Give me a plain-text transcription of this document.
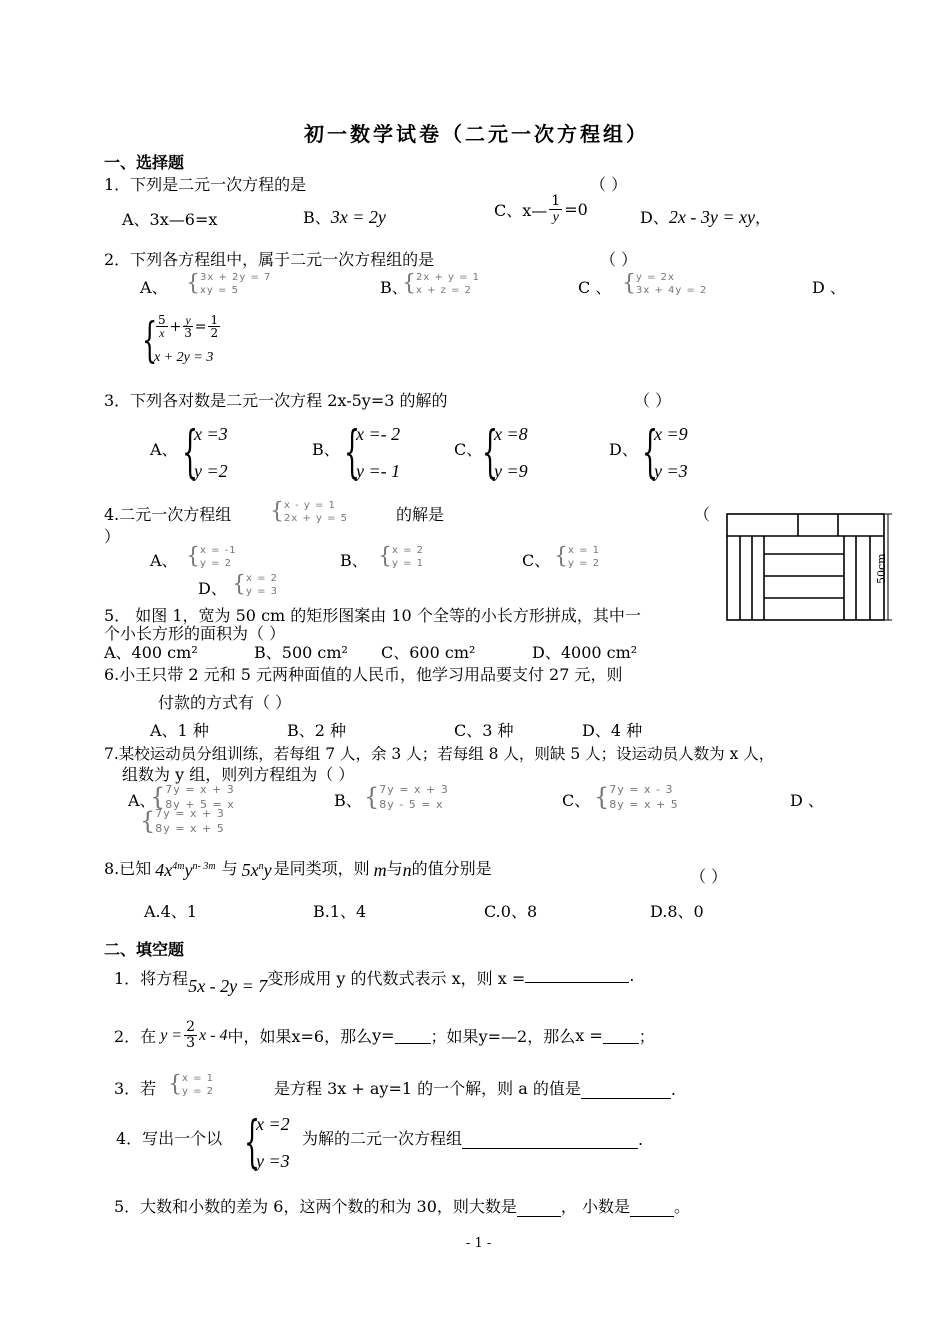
初一数学试卷（二元一次方程组）
一、选择题
1．下列是二元一次方程的是	（ ）
A、3x—6=x	B、3x = 2y	C、x— $\frac{1}{y} =0$	D、2x - 3y = xy，
2．下列各方程组中，属于二元一次方程组的是	（ ）
A、 { 3x + 2y = 7
xy = 5	B、
{ 2x + y = 1
x + z = 2	C 、 { y = 2x
3x + 4y = 2	D 、
{
$\frac{5}{x} + \frac{y}{3} = \frac{1}{2}$
x + 2y = 3
3．下列各对数是二元一次方程 2x-5y=3 的解的	（ ）
A、 {
x =3
y =2
B、 {
x =- 2
y =- 1
C、 {
x =8
y =9
D、 {
x =9
y =3
4.二元一次方程组 { x - y = 1
2x + y = 5	的解是	（
）
A、 { x = -1
y = 2	B、 { x = 2
y = 1	C、 { x = 1
y = 2
D、 { x = 2
y = 3
5． 如图 1，宽为 50 cm 的矩形图案由 10 个全等的小长方形拼成，其中一
个小长方形的面积为（ ）
A、400 cm²	B、500 cm² C、600 cm²	D、4000 cm²
50cm
6.小王只带 2 元和 5 元两种面值的人民币，他学习用品要支付 27 元，则
付款的方式有（ ）
A、1 种	B、2 种	C、3 种	D、4 种
7.某校运动员分组训练，若每组 7 人，余 3 人；若每组 8 人，则缺 5 人；设运动员人数为 x 人，
组数为 y 组，则列方程组为（ ）
A、
{ 7y = x + 3
8y + 5 = x	B、 { 7y = x + 3
8y - 5 = x	C、 { 7y = x - 3
8y = x + 5	D 、
{ 7y = x + 3
8y = x + 5
8.已知 $4x^{4m}y^{n- 3m}$ 与 $5x^ny$ 是同类项，则 m 与 n 的值分别是	（ ）
A.4、1	B.1、4	C.0、8	D.8、0
二、填空题
1．将方程 5x - 2y = 7 变形成用 y 的代数式表示 x，则 x =	.
2．在 $y = \frac{2}{3}$ x - 4 中，如果 x=6，那么 y= ；如果 y=—2，那么 x = ；
3．若 { x = 1
y = 2	是方程 3x + ay=1 的一个解，则 a 的值是	.
4．写出一个以 {
x =2
y =3
为解的二元一次方程组	.
5．大数和小数的差为 6，这两个数的和为 30，则大数是	， 小数是	。
- 1 -
